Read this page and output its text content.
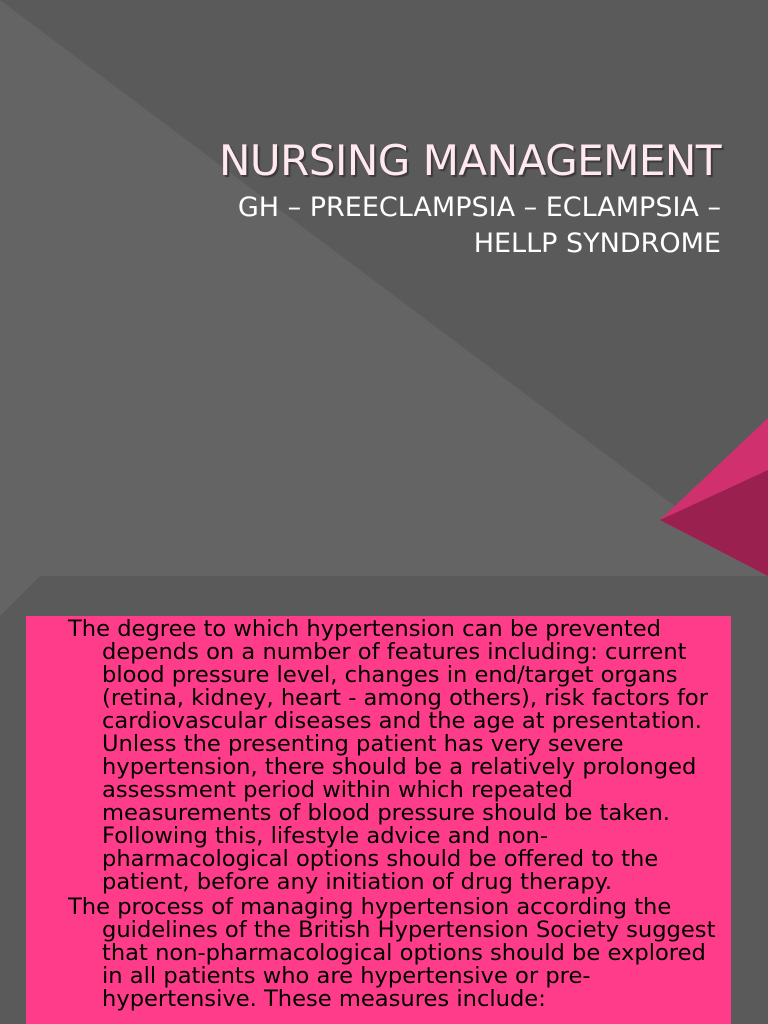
NURSING MANAGEMENT
GH – PREECLAMPSIA – ECLAMPSIA –
HELLP SYNDROME

The degree to which hypertension can be prevented depends on a number of features including: current blood pressure level, changes in end/target organs (retina, kidney, heart - among others), risk factors for cardiovascular diseases and the age at presentation. Unless the presenting patient has very severe hypertension, there should be a relatively prolonged assessment period within which repeated measurements of blood pressure should be taken. Following this, lifestyle advice and non-pharmacological options should be offered to the patient, before any initiation of drug therapy.

The process of managing hypertension according the guidelines of the British Hypertension Society suggest that non-pharmacological options should be explored in all patients who are hypertensive or pre-hypertensive. These measures include:
